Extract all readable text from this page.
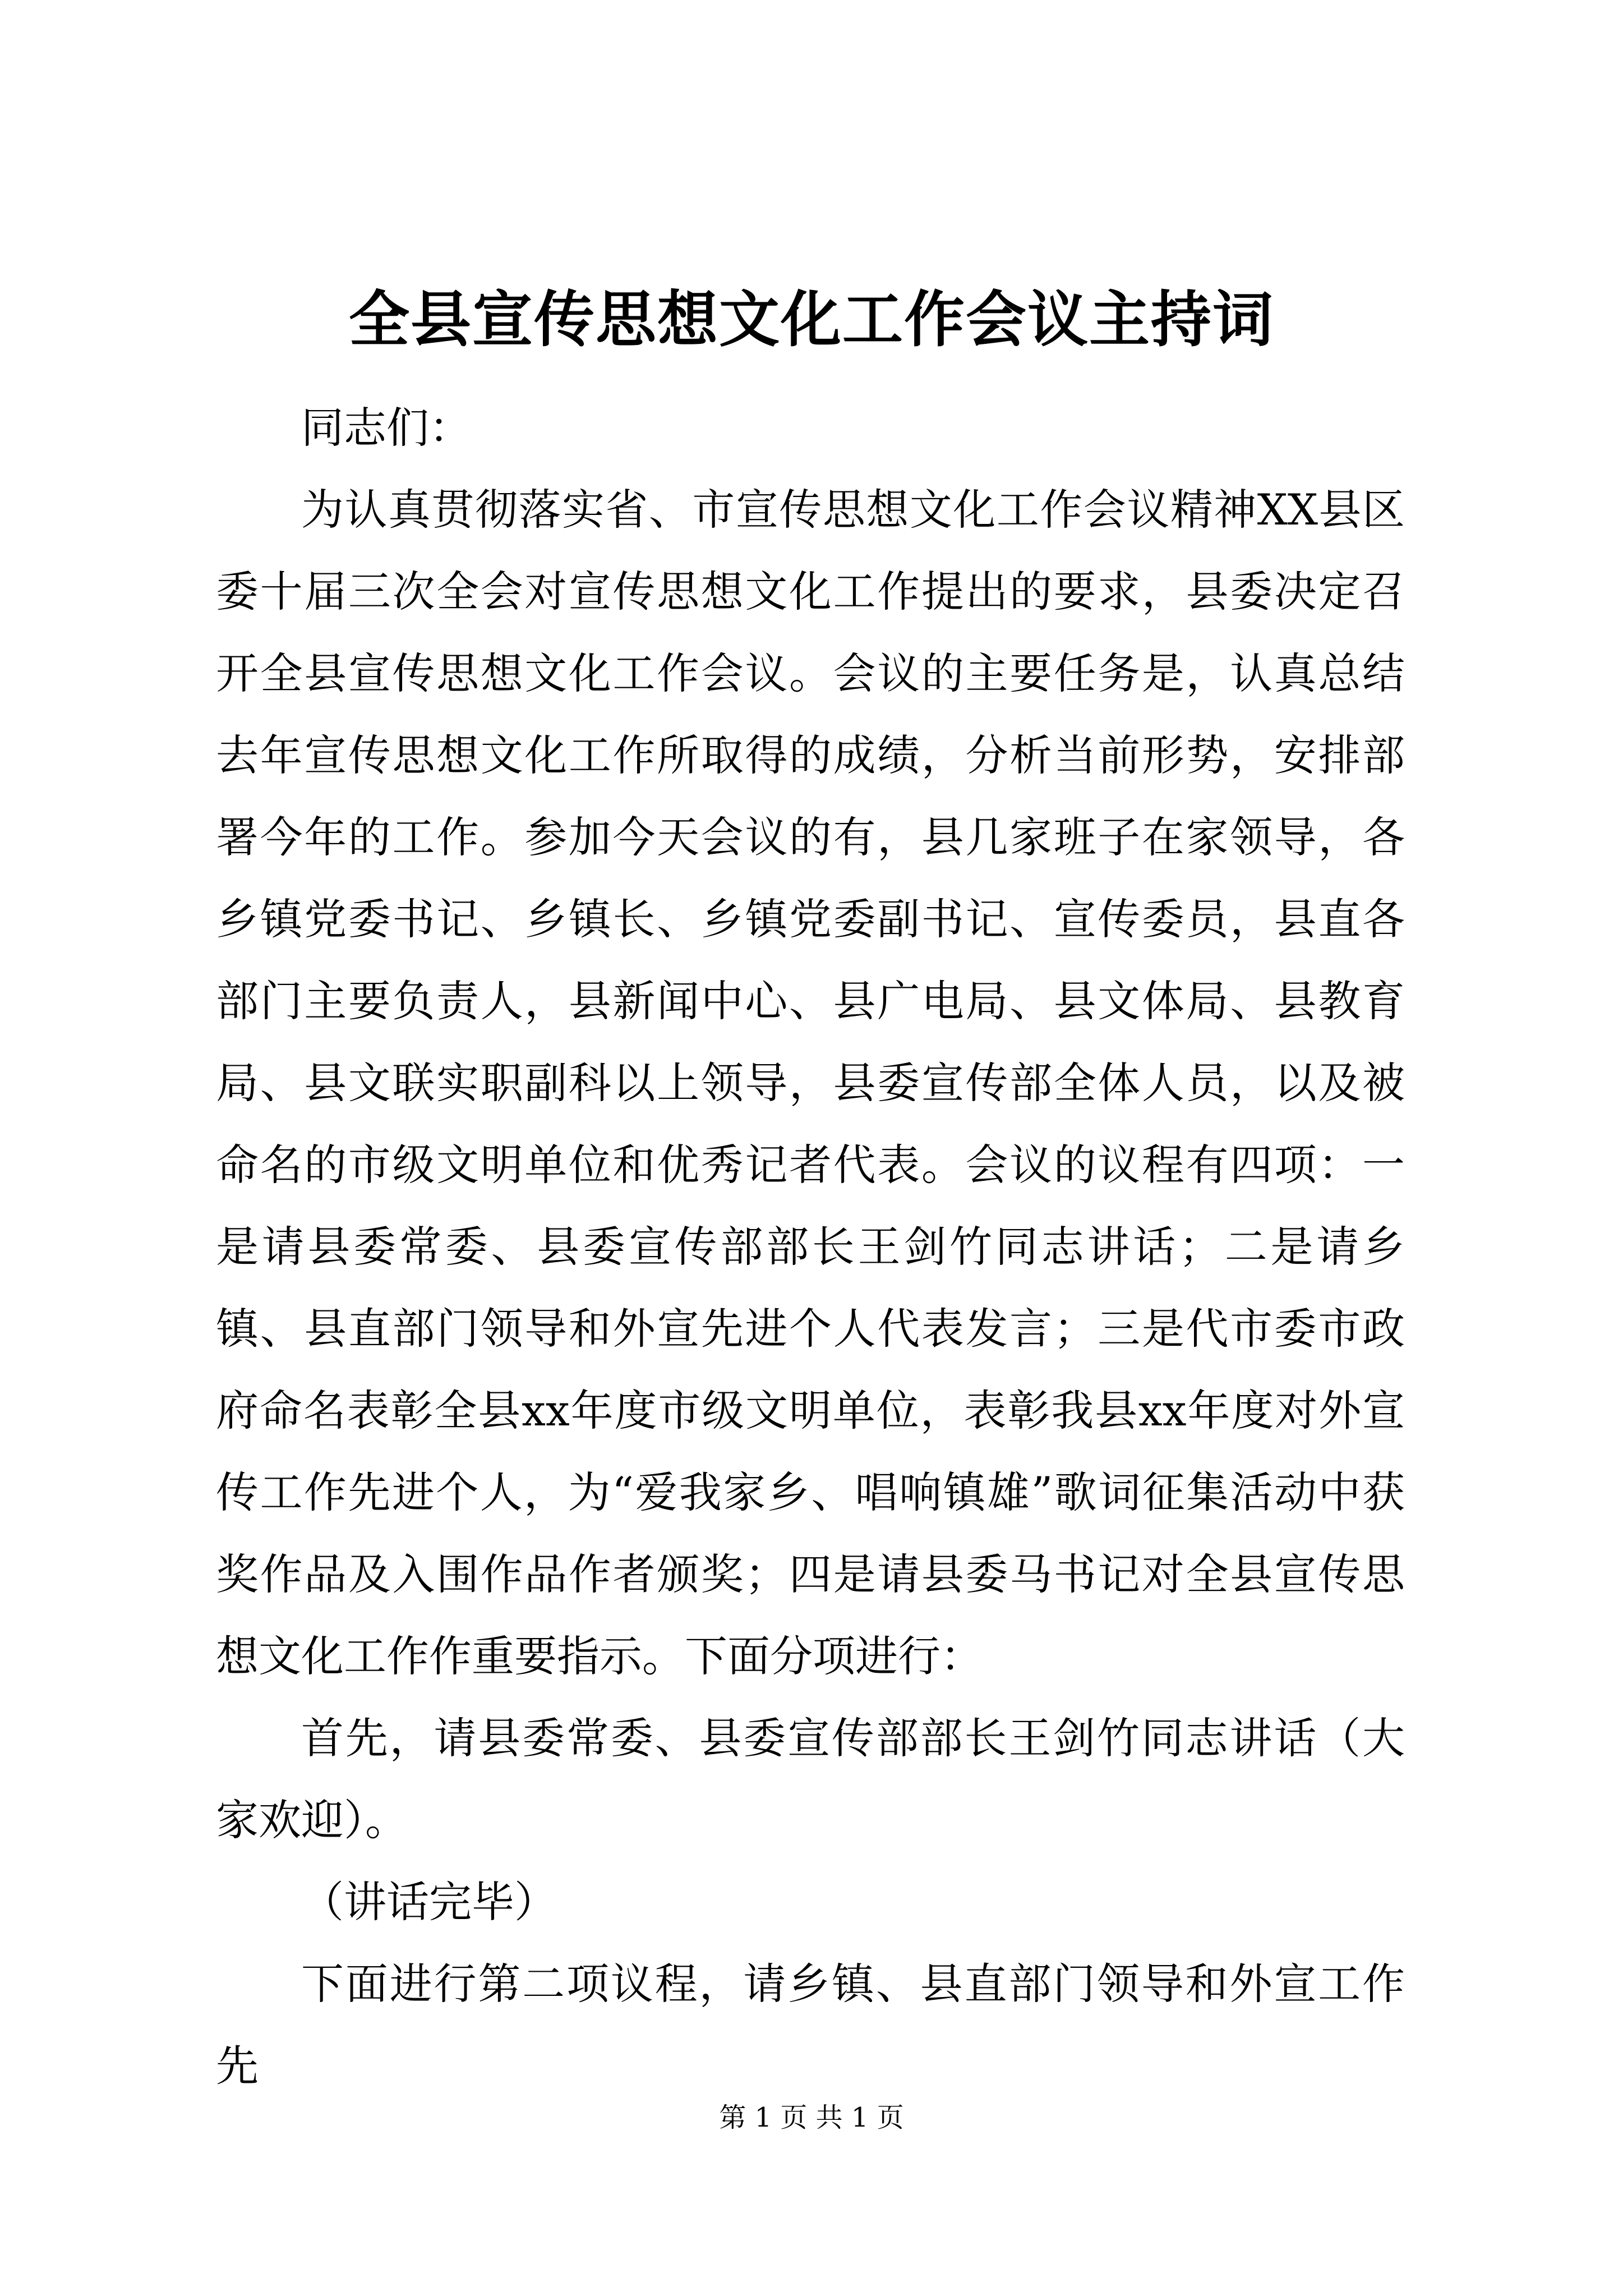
全县宣传思想文化工作会议主持词

同志们：

为认真贯彻落实省、市宣传思想文化工作会议精神XX县区委十届三次全会对宣传思想文化工作提出的要求，县委决定召开全县宣传思想文化工作会议。会议的主要任务是，认真总结去年宣传思想文化工作所取得的成绩，分析当前形势，安排部署今年的工作。参加今天会议的有，县几家班子在家领导，各乡镇党委书记、乡镇长、乡镇党委副书记、宣传委员，县直各部门主要负责人，县新闻中心、县广电局、县文体局、县教育局、县文联实职副科以上领导，县委宣传部全体人员，以及被命名的市级文明单位和优秀记者代表。会议的议程有四项：一是请县委常委、县委宣传部部长王剑竹同志讲话；二是请乡镇、县直部门领导和外宣先进个人代表发言；三是代市委市政府命名表彰全县xx年度市级文明单位，表彰我县xx年度对外宣传工作先进个人，为“爱我家乡、唱响镇雄”歌词征集活动中获奖作品及入围作品作者颁奖；四是请县委马书记对全县宣传思想文化工作作重要指示。下面分项进行：

首先，请县委常委、县委宣传部部长王剑竹同志讲话（大家欢迎）。

（讲话完毕）

下面进行第二项议程，请乡镇、县直部门领导和外宣工作先

第 1 页 共 1 页
